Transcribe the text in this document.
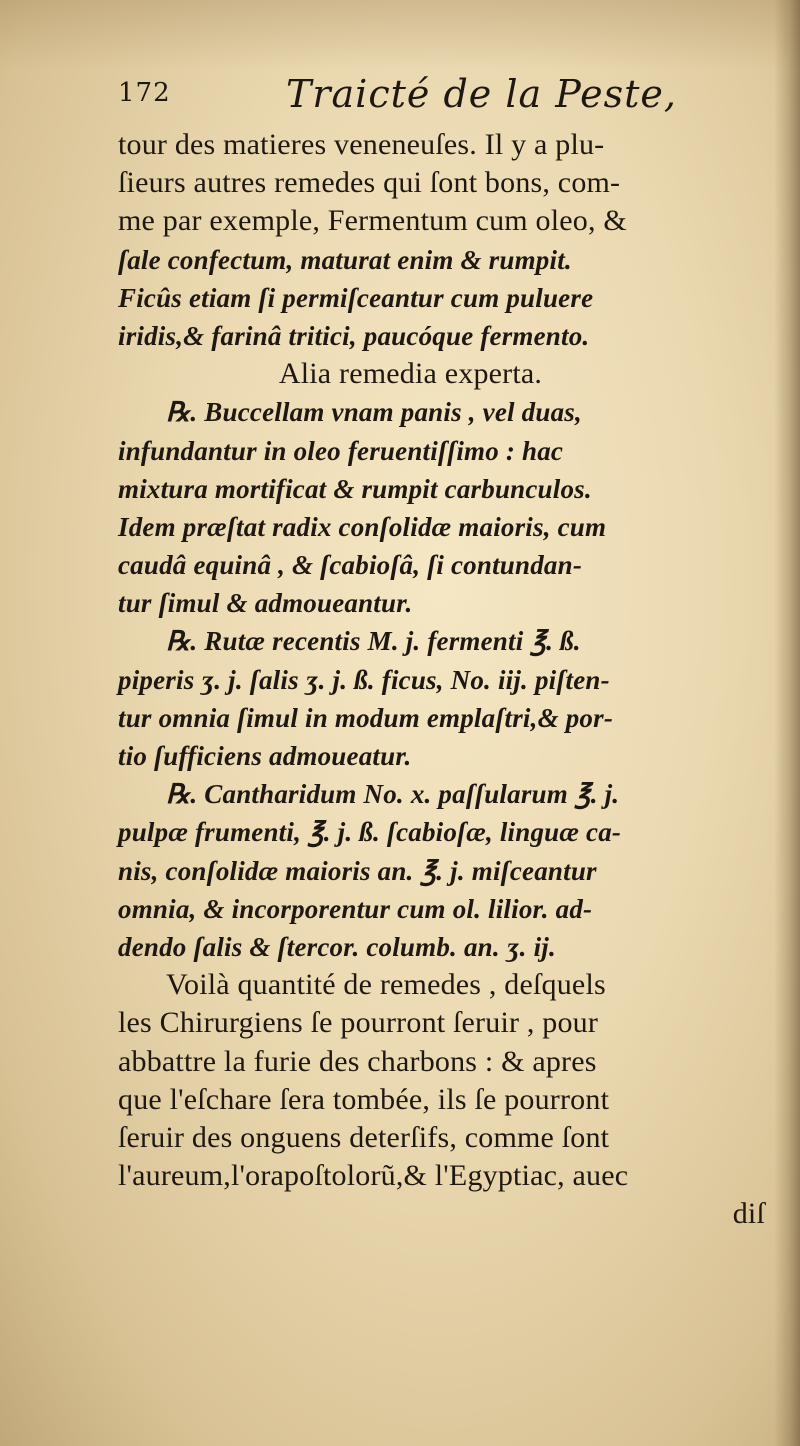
172	Traicté de la Peste,
tour des matieres veneneuſes. Il y a plu-
ſieurs autres remedes qui ſont bons, com-
me par exemple, Fermentum cum oleo, &
ſale confectum, maturat enim & rumpit.
Ficûs etiam ſi permiſceantur cum puluere
iridis,& farinâ tritici, paucóque fermento.
Alia remedia experta.
℞. Buccellam vnam panis , vel duas,
infundantur in oleo feruentiſſimo : hac
mixtura mortificat & rumpit carbunculos.
Idem præſtat radix conſolidæ maioris, cum
caudâ equinâ , & ſcabioſâ, ſi contundan-
tur ſimul & admoueantur.
℞. Rutæ recentis M. j. fermenti ℥. ß.
piperis ʒ. j. ſalis ʒ. j. ß. ficus, No. iij. piſten-
tur omnia ſimul in modum emplaſtri,& por-
tio ſufficiens admoueatur.
℞. Cantharidum No. x. paſſularum ℥. j.
pulpæ frumenti, ℥. j. ß. ſcabioſæ, linguæ ca-
nis, conſolidæ maioris an. ℥. j. miſceantur
omnia, & incorporentur cum ol. lilior. ad-
dendo ſalis & ſtercor. columb. an. ʒ. ij.
Voilà quantité de remedes , deſquels
les Chirurgiens ſe pourront ſeruir , pour
abbattre la furie des charbons : & apres
que l'eſchare ſera tombée, ils ſe pourront
ſeruir des onguens deterſifs, comme ſont
l'aureum,l'orapoſtolorũ,& l'Egyptiac, auec
diſ
